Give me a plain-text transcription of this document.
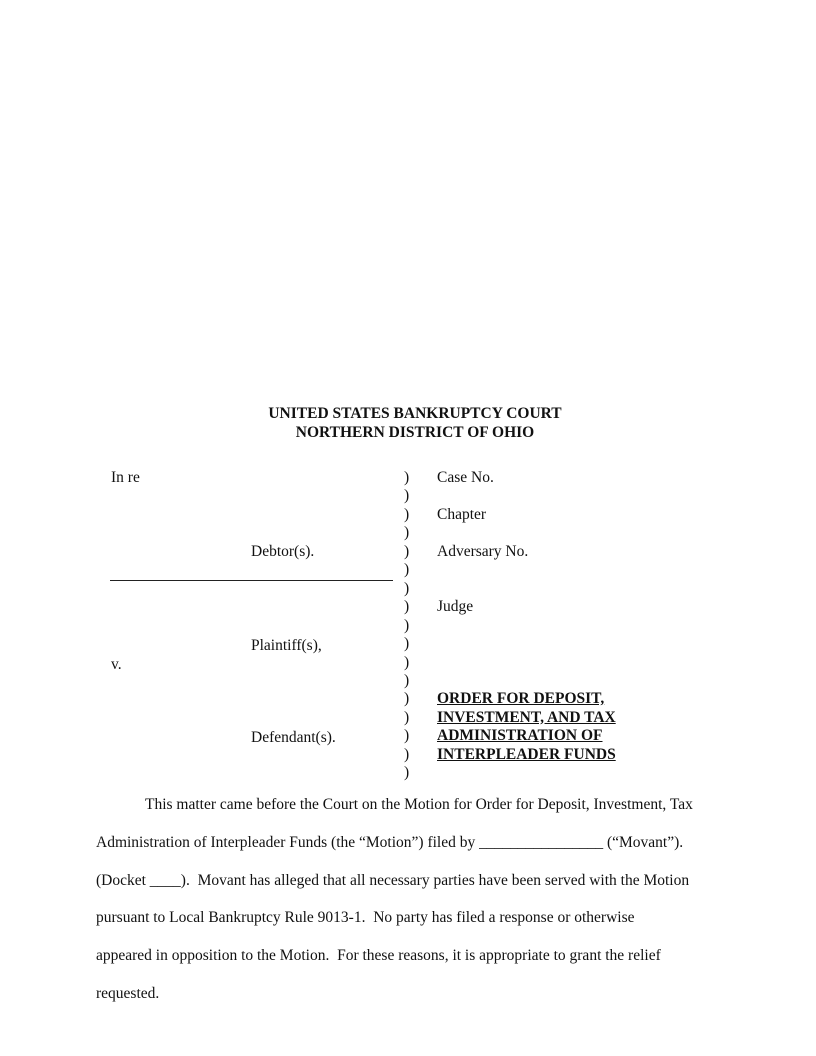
UNITED STATES BANKRUPTCY COURT
NORTHERN DISTRICT OF OHIO
In re
Debtor(s).
Plaintiff(s),
v.
Defendant(s).
)
)
)
)
)
)
)
)
)
)
)
)
)
)
)
)
)
Case No.
Chapter
Adversary No.
Judge
ORDER FOR DEPOSIT,
INVESTMENT, AND TAX
ADMINISTRATION OF
INTERPLEADER FUNDS
This matter came before the Court on the Motion for Order for Deposit, Investment, Tax
Administration of Interpleader Funds (the “Motion”) filed by ________________ (“Movant”).
(Docket ____).  Movant has alleged that all necessary parties have been served with the Motion
pursuant to Local Bankruptcy Rule 9013-1.  No party has filed a response or otherwise
appeared in opposition to the Motion.  For these reasons, it is appropriate to grant the relief
requested.
